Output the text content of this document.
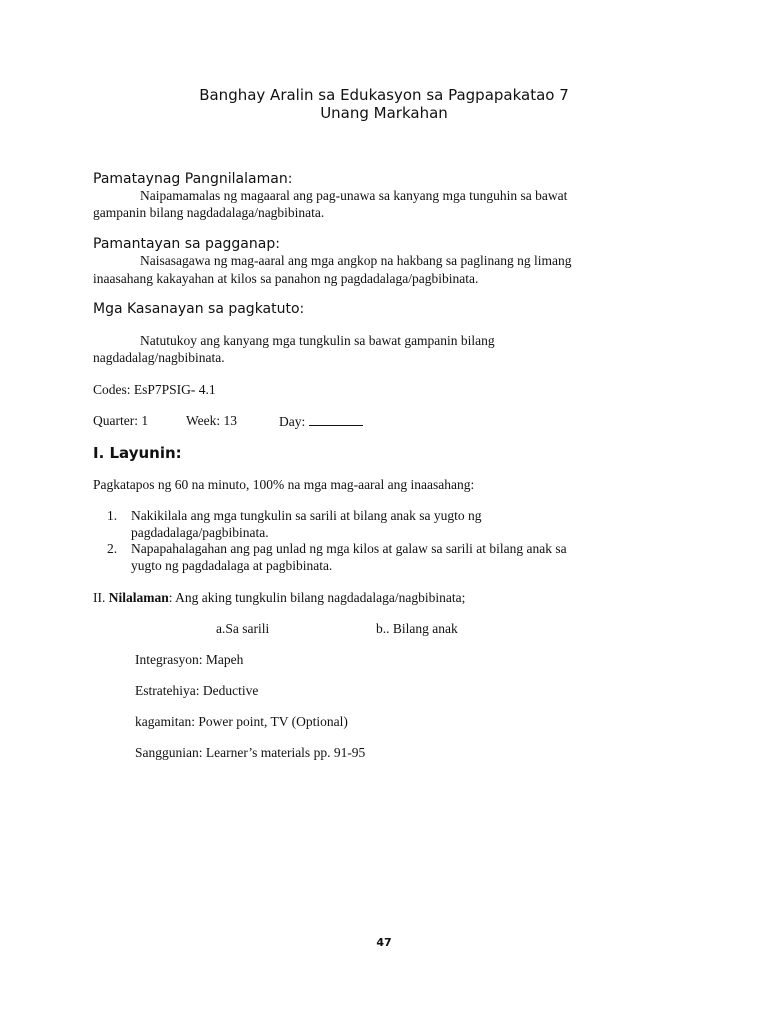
Banghay Aralin sa Edukasyon sa Pagpapakatao 7
Unang Markahan
Pamataynag Pangnilalaman:
Naipamamalas ng magaaral ang pag-unawa sa kanyang mga tunguhin sa bawat
gampanin bilang nagdadalaga/nagbibinata.
Pamantayan sa pagganap:
Naisasagawa ng mag-aaral ang mga angkop na hakbang sa paglinang ng limang
inaasahang kakayahan at kilos sa panahon ng pagdadalaga/pagbibinata.
Mga Kasanayan sa pagkatuto:
Natutukoy ang kanyang mga tungkulin sa bawat gampanin bilang
nagdadalag/nagbibinata.
Codes: EsP7PSIG- 4.1
Quarter: 1	Week: 13	Day:
I. Layunin:
Pagkatapos ng 60 na minuto, 100% na mga mag-aaral ang inaasahang:
1. Nakikilala ang mga tungkulin sa sarili at bilang anak sa yugto ng
pagdadalaga/pagbibinata.
2. Napapahalagahan ang pag unlad ng mga kilos at galaw sa sarili at bilang anak sa
yugto ng pagdadalaga at pagbibinata.
II. Nilalaman: Ang aking tungkulin bilang nagdadalaga/nagbibinata;
a.Sa sarili	b.. Bilang anak
Integrasyon: Mapeh
Estratehiya: Deductive
kagamitan: Power point, TV (Optional)
Sanggunian: Learner’s materials pp. 91-95
47
